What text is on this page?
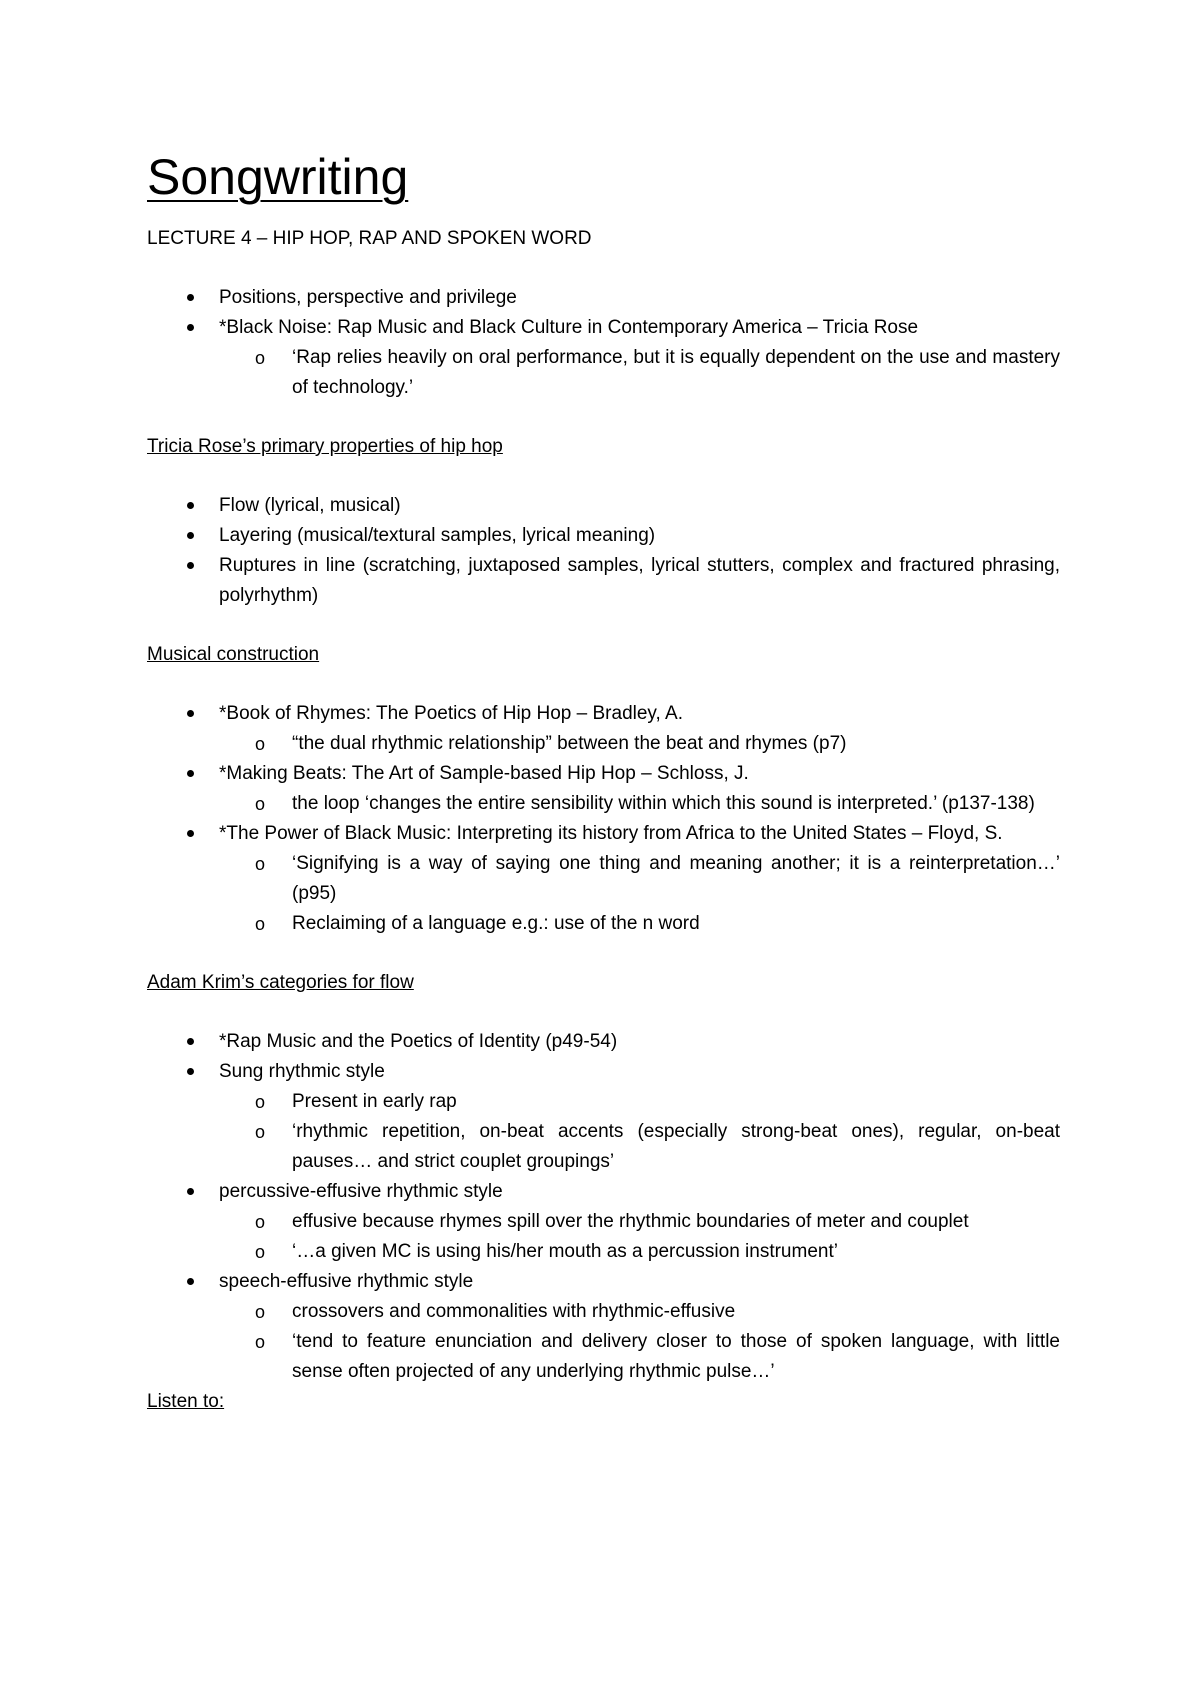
Songwriting
LECTURE 4 – HIP HOP, RAP AND SPOKEN WORD
Positions, perspective and privilege
*Black Noise: Rap Music and Black Culture in Contemporary America – Tricia Rose
o ‘Rap relies heavily on oral performance, but it is equally dependent on the use and mastery of technology.’
Tricia Rose’s primary properties of hip hop
Flow (lyrical, musical)
Layering (musical/textural samples, lyrical meaning)
Ruptures in line (scratching, juxtaposed samples, lyrical stutters, complex and fractured phrasing, polyrhythm)
Musical construction
*Book of Rhymes: The Poetics of Hip Hop – Bradley, A.
o “the dual rhythmic relationship” between the beat and rhymes (p7)
*Making Beats: The Art of Sample-based Hip Hop – Schloss, J.
o the loop ‘changes the entire sensibility within which this sound is interpreted.’ (p137-138)
*The Power of Black Music: Interpreting its history from Africa to the United States – Floyd, S.
o ‘Signifying is a way of saying one thing and meaning another; it is a reinterpretation…’ (p95)
o Reclaiming of a language e.g.: use of the n word
Adam Krim’s categories for flow
*Rap Music and the Poetics of Identity (p49-54)
Sung rhythmic style
o Present in early rap
o ‘rhythmic repetition, on-beat accents (especially strong-beat ones), regular, on-beat pauses… and strict couplet groupings’
percussive-effusive rhythmic style
o effusive because rhymes spill over the rhythmic boundaries of meter and couplet
o ‘…a given MC is using his/her mouth as a percussion instrument’
speech-effusive rhythmic style
o crossovers and commonalities with rhythmic-effusive
o ‘tend to feature enunciation and delivery closer to those of spoken language, with little sense often projected of any underlying rhythmic pulse…’
Listen to:
